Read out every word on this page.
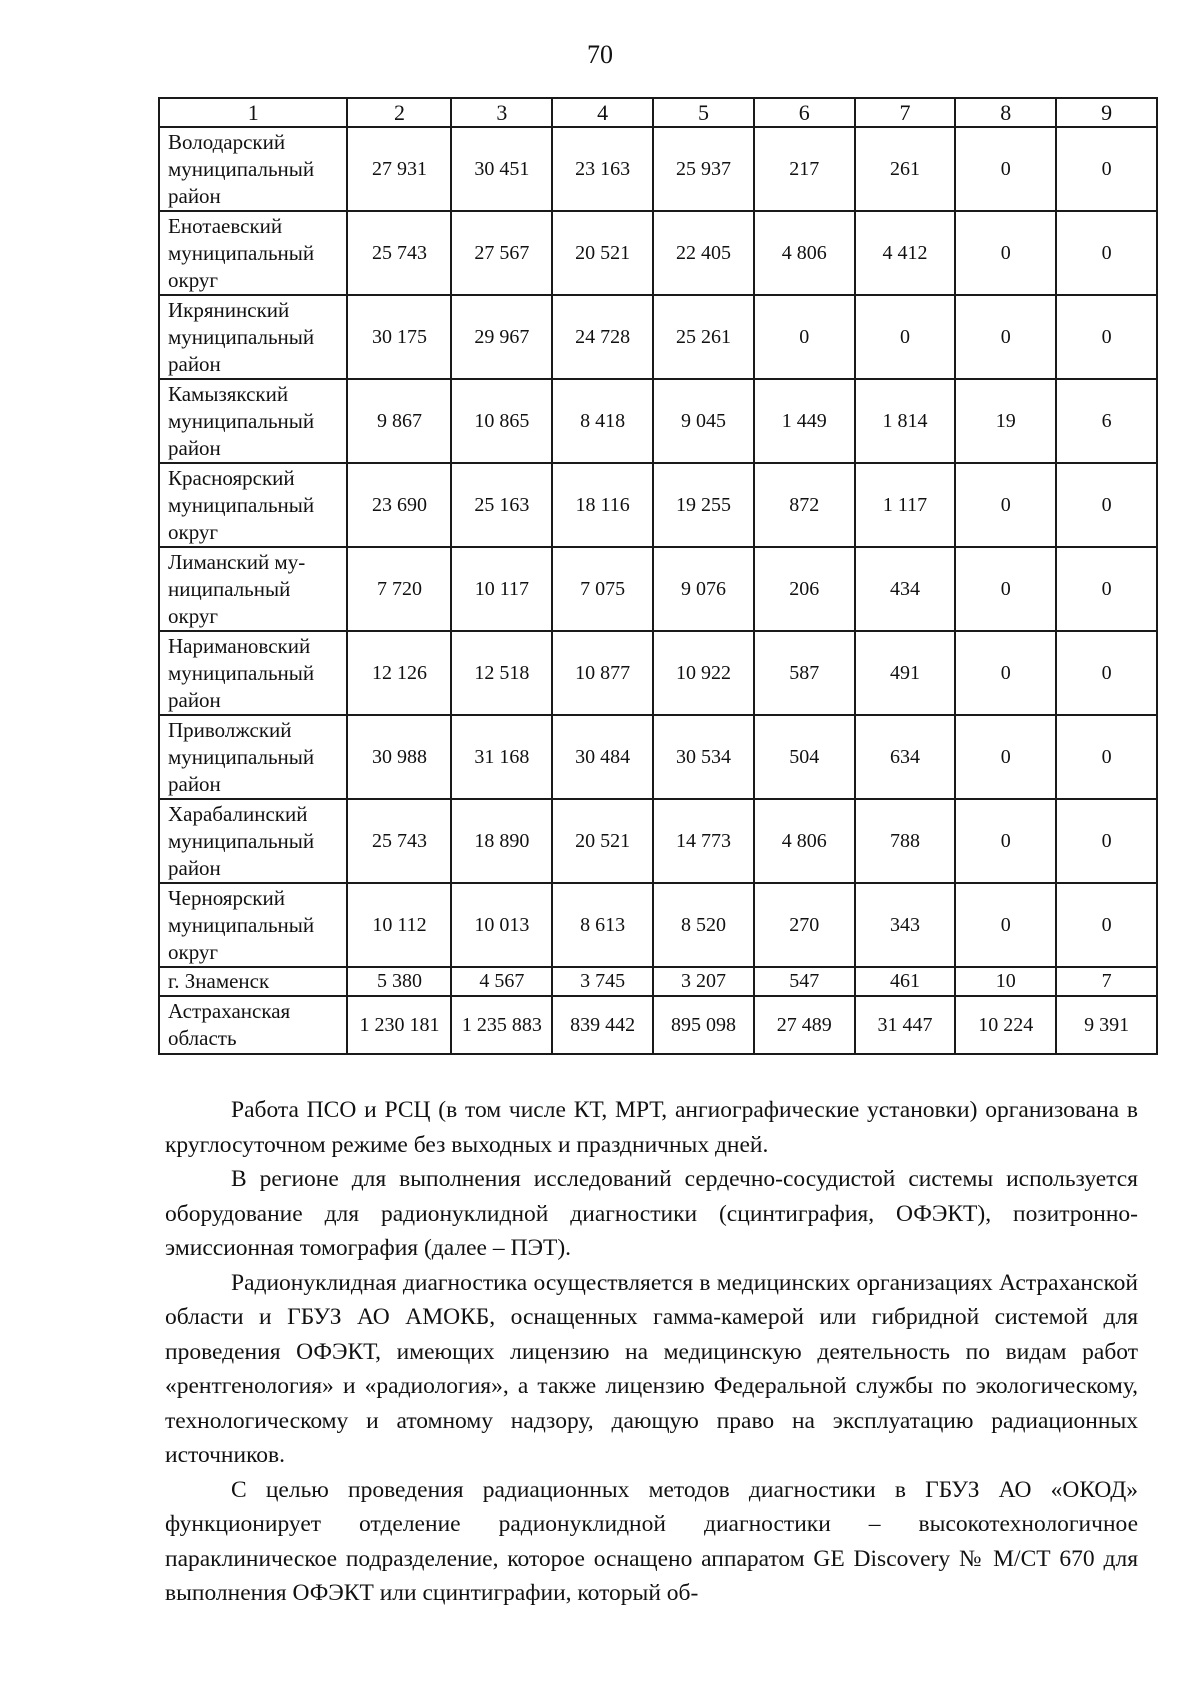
70
1	2	3	4	5	6	7	8	9
Володарский
муниципальный
район	27 931	30 451	23 163	25 937	217	261	0	0
Енотаевский
муниципальный
округ	25 743	27 567	20 521	22 405	4 806	4 412	0	0
Икрянинский
муниципальный
район	30 175	29 967	24 728	25 261	0	0	0	0
Камызякский
муниципальный
район	9 867	10 865	8 418	9 045	1 449	1 814	19	6
Красноярский
муниципальный
округ	23 690	25 163	18 116	19 255	872	1 117	0	0
Лиманский му-
ниципальный
округ	7 720	10 117	7 075	9 076	206	434	0	0
Наримановский
муниципальный
район	12 126	12 518	10 877	10 922	587	491	0	0
Приволжский
муниципальный
район	30 988	31 168	30 484	30 534	504	634	0	0
Харабалинский
муниципальный
район	25 743	18 890	20 521	14 773	4 806	788	0	0
Черноярский
муниципальный
округ	10 112	10 013	8 613	8 520	270	343	0	0
г. Знаменск	5 380	4 567	3 745	3 207	547	461	10	7
Астраханская
область	1 230 181	1 235 883	839 442	895 098	27 489	31 447	10 224	9 391

Работа ПСО и РСЦ (в том числе КТ, МРТ, ангиографические установки) организована в круглосуточном режиме без выходных и праздничных дней.

В регионе для выполнения исследований сердечно-сосудистой системы используется оборудование для радионуклидной диагностики (сцинтиграфия, ОФЭКТ), позитронно-эмиссионная томография (далее – ПЭТ).

Радионуклидная диагностика осуществляется в медицинских организациях Астраханской области и ГБУЗ АО АМОКБ, оснащенных гамма-камерой или гибридной системой для проведения ОФЭКТ, имеющих лицензию на медицинскую деятельность по видам работ «рентгенология» и «радиология», а также лицензию Федеральной службы по экологическому, технологическому и атомному надзору, дающую право на эксплуатацию радиационных источников.

С целью проведения радиационных методов диагностики в ГБУЗ АО «ОКОД» функционирует отделение радионуклидной диагностики – высокотехнологичное параклиническое подразделение, которое оснащено аппаратом GE Discovery № М/СТ 670 для выполнения ОФЭКТ или сцинтиграфии, который об-
